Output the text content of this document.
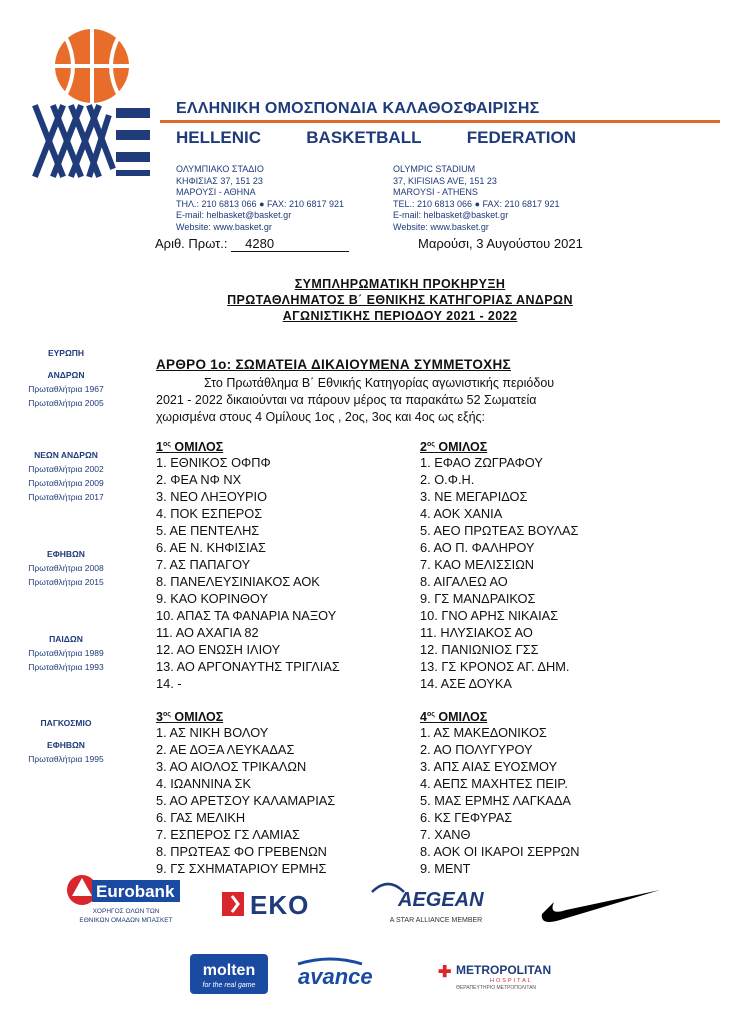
ΕΛΛΗΝΙΚΗ ΟΜΟΣΠΟΝΔΙΑ ΚΑΛΑΘΟΣΦΑΙΡΙΣΗΣ
HELLENIC	BASKETBALL	FEDERATION
ΟΛΥΜΠΙΑΚΟ ΣΤΑΔΙΟ
ΚΗΦΙΣΙΑΣ 37, 151 23
ΜΑΡΟΥΣΙ - ΑΘΗΝΑ
ΤΗΛ.: 210 6813 066 ● FAX: 210 6817 921
E-mail: helbasket@basket.gr
Website: www.basket.gr
OLYMPIC STADIUM
37, KIFISIAS AVE, 151 23
MAROYSI - ATHENS
TEL.: 210 6813 066 ● FAX: 210 6817 921
E-mail: helbasket@basket.gr
Website: www.basket.gr
Αριθ. Πρωτ.: 4280	Μαρούσι, 3 Αυγούστου 2021
ΣΥΜΠΛΗΡΩΜΑΤΙΚΗ ΠΡΟΚΗΡΥΞΗ
ΠΡΩΤΑΘΛΗΜΑΤΟΣ Β΄ ΕΘΝΙΚΗΣ ΚΑΤΗΓΟΡΙΑΣ ΑΝΔΡΩΝ
ΑΓΩΝΙΣΤΙΚΗΣ ΠΕΡΙΟΔΟΥ 2021 - 2022
ΕΥΡΩΠΗ
ΑΝΔΡΩΝ
Πρωταθλήτρια 1967
Πρωταθλήτρια 2005
ΝΕΩΝ ΑΝΔΡΩΝ
Πρωταθλήτρια 2002
Πρωταθλήτρια 2009
Πρωταθλήτρια 2017
ΕΦΗΒΩΝ
Πρωταθλήτρια 2008
Πρωταθλήτρια 2015
ΠΑΙΔΩΝ
Πρωταθλήτρια 1989
Πρωταθλήτρια 1993
ΠΑΓΚΟΣΜΙΟ
ΕΦΗΒΩΝ
Πρωταθλήτρια 1995
ΑΡΘΡΟ 1ο: ΣΩΜΑΤΕΙΑ ΔΙΚΑΙΟΥΜΕΝΑ ΣΥΜΜΕΤΟΧΗΣ
Στο Πρωτάθλημα Β΄ Εθνικής Κατηγορίας αγωνιστικής περιόδου
2021 - 2022 δικαιούνται να πάρουν μέρος τα παρακάτω 52 Σωματεία
χωρισμένα στους 4 Ομίλους 1ος , 2ος, 3ος και 4ος ως εξής:
$1^{o\varsigma}$ ΟΜΙΛΟΣ
1. ΕΘΝΙΚΟΣ ΟΦΠΦ
2. ΦΕΑ ΝΦ ΝΧ
3. ΝΕΟ ΛΗΞΟΥΡΙΟ
4. ΠΟΚ ΕΣΠΕΡΟΣ
5. ΑΕ ΠΕΝΤΕΛΗΣ
6. ΑΕ Ν. ΚΗΦΙΣΙΑΣ
7. ΑΣ ΠΑΠΑΓΟΥ
8. ΠΑΝΕΛΕΥΣΙΝΙΑΚΟΣ ΑΟΚ
9. ΚΑΟ ΚΟΡΙΝΘΟΥ
10. ΑΠΑΣ ΤΑ ΦΑΝΑΡΙΑ ΝΑΞΟΥ
11. ΑΟ ΑΧΑΓΙΑ 82
12. ΑΟ ΕΝΩΣΗ ΙΛΙΟΥ
13. ΑΟ ΑΡΓΟΝΑΥΤΗΣ ΤΡΙΓΛΙΑΣ
14. -
$2^{o\varsigma}$ ΟΜΙΛΟΣ
1. ΕΦΑΟ ΖΩΓΡΑΦΟΥ
2. Ο.Φ.Η.
3. ΝΕ ΜΕΓΑΡΙΔΟΣ
4. ΑΟΚ ΧΑΝΙΑ
5. ΑΕΟ ΠΡΩΤΕΑΣ ΒΟΥΛΑΣ
6. ΑΟ Π. ΦΑΛΗΡΟΥ
7. ΚΑΟ ΜΕΛΙΣΣΙΩΝ
8. ΑΙΓΑΛΕΩ ΑΟ
9. ΓΣ ΜΑΝΔΡΑΙΚΟΣ
10. ΓΝΟ ΑΡΗΣ ΝΙΚΑΙΑΣ
11. ΗΛΥΣΙΑΚΟΣ ΑΟ
12. ΠΑΝΙΩΝΙΟΣ ΓΣΣ
13. ΓΣ ΚΡΟΝΟΣ ΑΓ. ΔΗΜ.
14. ΑΣΕ ΔΟΥΚΑ
$3^{o\varsigma}$ ΟΜΙΛΟΣ
1. ΑΣ ΝΙΚΗ ΒΟΛΟΥ
2. ΑΕ ΔΟΞΑ ΛΕΥΚΑΔΑΣ
3. ΑΟ ΑΙΟΛΟΣ ΤΡΙΚΑΛΩΝ
4. ΙΩΑΝΝΙΝΑ ΣΚ
5. ΑΟ ΑΡΕΤΣΟΥ ΚΑΛΑΜΑΡΙΑΣ
6. ΓΑΣ ΜΕΛΙΚΗ
7. ΕΣΠΕΡΟΣ ΓΣ ΛΑΜΙΑΣ
8. ΠΡΩΤΕΑΣ ΦΟ ΓΡΕΒΕΝΩΝ
9. ΓΣ ΣΧΗΜΑΤΑΡΙΟΥ ΕΡΜΗΣ
$4^{o\varsigma}$ ΟΜΙΛΟΣ
1. ΑΣ ΜΑΚΕΔΟΝΙΚΟΣ
2. ΑΟ ΠΟΛΥΓΥΡΟΥ
3. ΑΠΣ ΑΙΑΣ ΕΥΟΣΜΟΥ
4. ΑΕΠΣ ΜΑΧΗΤΕΣ ΠΕΙΡ.
5. ΜΑΣ ΕΡΜΗΣ ΛΑΓΚΑΔΑ
6. ΚΣ ΓΕΦΥΡΑΣ
7. ΧΑΝΘ
8. ΑΟΚ ΟΙ ΙΚΑΡΟΙ ΣΕΡΡΩΝ
9. ΜΕΝΤ
Eurobank
ΧΟΡΗΓΟΣ ΟΛΩΝ ΤΩΝ
ΕΘΝΙΚΩΝ ΟΜΑΔΩΝ ΜΠΑΣΚΕΤ
EKO	AEGEAN
A STAR ALLIANCE MEMBER
molten
for the real game avance	✚ METROPOLITAN
HOSPITAL
ΘΕΡΑΠΕΥΤΗΡΙΟ ΜΕΤΡΟΠΟΛΙΤΑΝ
